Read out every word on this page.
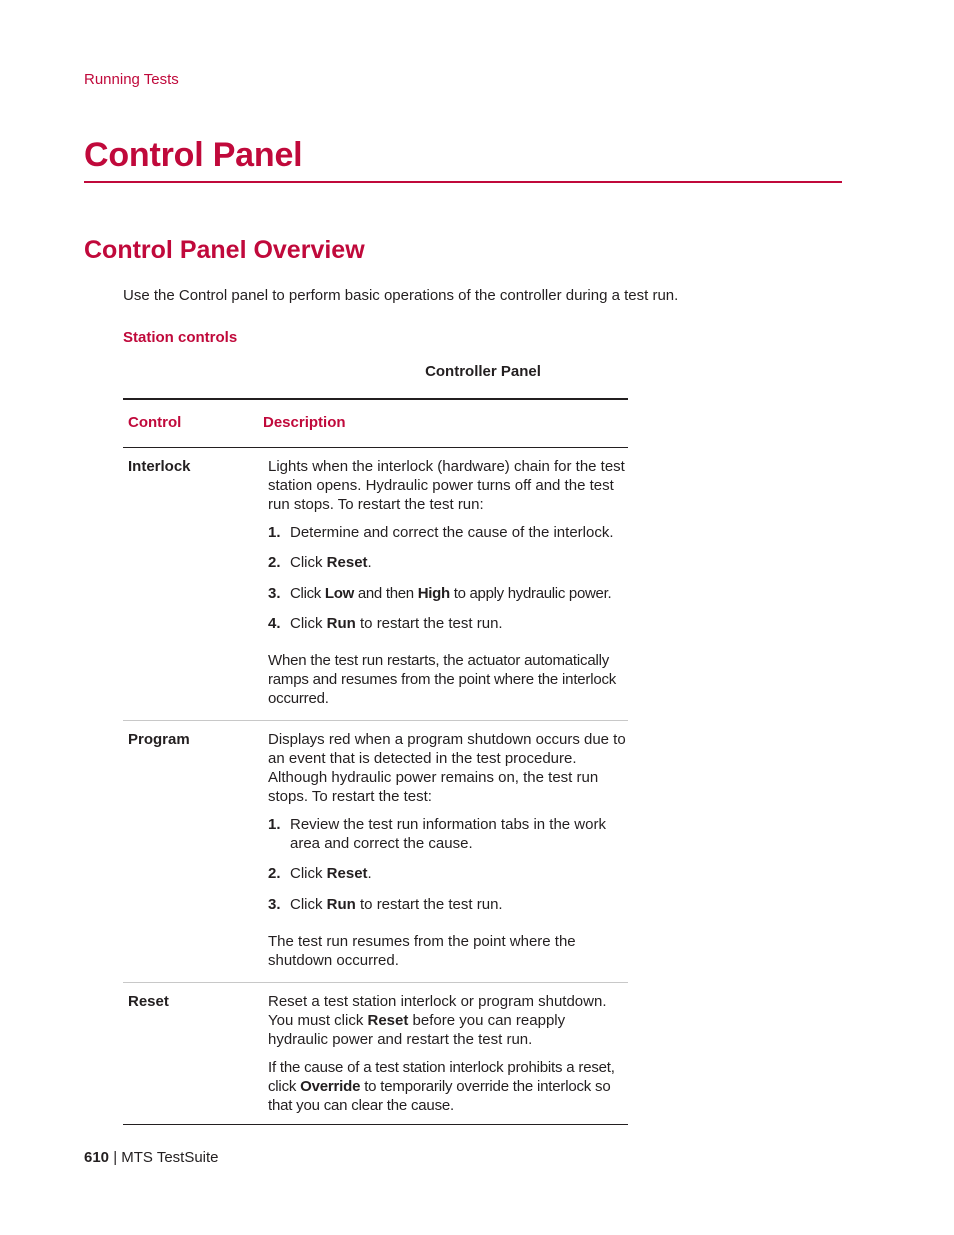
Running Tests
Control Panel
Control Panel Overview

Use the Control panel to perform basic operations of the controller during a test run.

Station controls
Controller Panel
Control	Description
Interlock	Lights when the interlock (hardware) chain for the test station opens. Hydraulic power turns off and the test run stops. To restart the test run:

1. Determine and correct the cause of the interlock.
2. Click Reset.
3. Click Low and then High to apply hydraulic power.
4. Click Run to restart the test run.

When the test run restarts, the actuator automatically ramps and resumes from the point where the interlock occurred.

Program	Displays red when a program shutdown occurs due to an event that is detected in the test procedure. Although hydraulic power remains on, the test run stops. To restart the test:

1. Review the test run information tabs in the work area and correct the cause.
2. Click Reset.
3. Click Run to restart the test run.

The test run resumes from the point where the shutdown occurred.

Reset	Reset a test station interlock or program shutdown. You must click Reset before you can reapply hydraulic power and restart the test run.

If the cause of a test station interlock prohibits a reset, click Override to temporarily override the interlock so that you can clear the cause.

610 | MTS TestSuite
